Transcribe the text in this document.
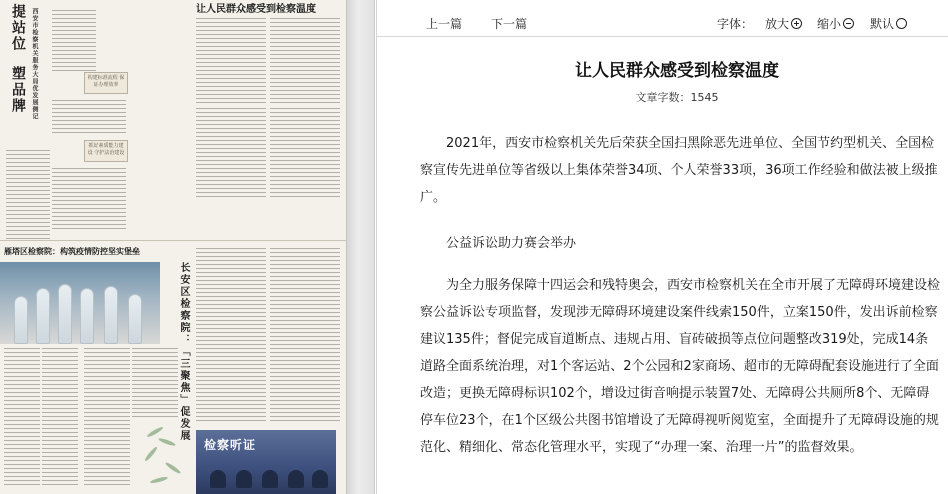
提站位
塑品牌 西安市检察机关服务大局优发展侧记	构建标准流程 保证办理效率
抓好素质能力建设 守护法治建设
让人民群众感受到检察温度
雁塔区检察院：构筑疫情防控坚实堡垒
长安区检察院：「三聚焦」促发展
检察听证
上一篇 下一篇	字体： 放大	缩小	默认
让人民群众感受到检察温度
文章字数：1545

2021年，西安市检察机关先后荣获全国扫黑除恶先进单位、全国节约型机关、全国检察宣传先进单位等省级以上集体荣誉34项、个人荣誉33项，36项工作经验和做法被上级推广。

公益诉讼助力赛会举办

为全力服务保障十四运会和残特奥会，西安市检察机关在全市开展了无障碍环境建设检察公益诉讼专项监督，发现涉无障碍环境建设案件线索150件，立案150件，发出诉前检察建议135件；督促完成盲道断点、违规占用、盲砖破损等点位问题整改319处，完成14条道路全面系统治理，对1个客运站、2个公园和2家商场、超市的无障碍配套设施进行了全面改造；更换无障碍标识102个，增设过街音响提示装置7处、无障碍公共厕所8个、无障碍停车位23个，在1个区级公共图书馆增设了无障碍视听阅览室，全面提升了无障碍设施的规范化、精细化、常态化管理水平，实现了“办理一案、治理一片”的监督效果。
